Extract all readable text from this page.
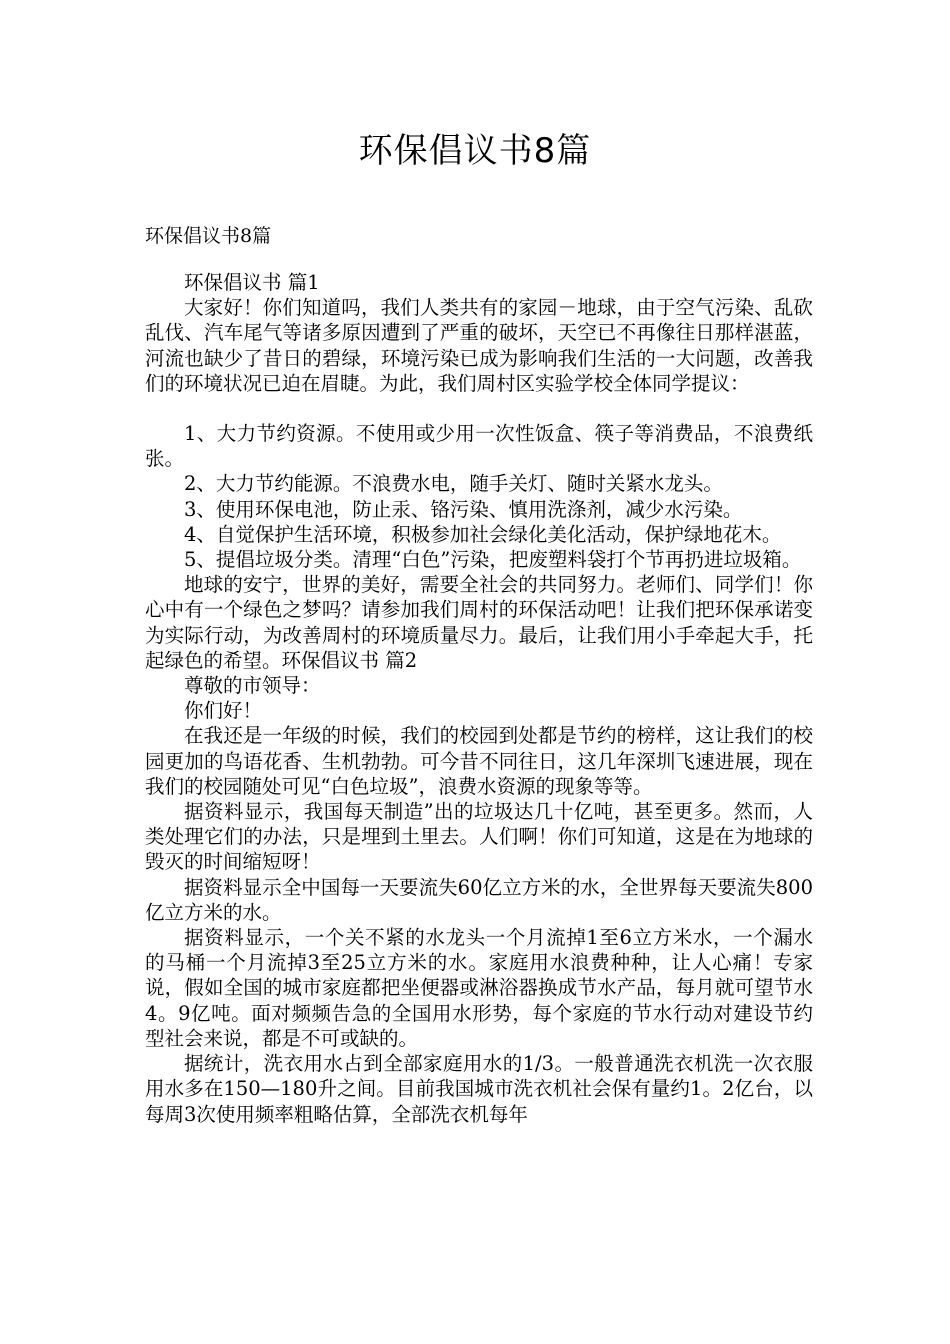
环保倡议书8篇

环保倡议书8篇

环保倡议书 篇1

大家好！你们知道吗，我们人类共有的家园－地球，由于空气污染、乱砍乱伐、汽车尾气等诸多原因遭到了严重的破坏，天空已不再像往日那样湛蓝，河流也缺少了昔日的碧绿，环境污染已成为影响我们生活的一大问题，改善我们的环境状况已迫在眉睫。为此，我们周村区实验学校全体同学提议：

1、大力节约资源。不使用或少用一次性饭盒、筷子等消费品，不浪费纸张。

2、大力节约能源。不浪费水电，随手关灯、随时关紧水龙头。

3、使用环保电池，防止汞、铬污染、慎用洗涤剂，减少水污染。

4、自觉保护生活环境，积极参加社会绿化美化活动，保护绿地花木。

5、提倡垃圾分类。清理“白色”污染，把废塑料袋打个节再扔进垃圾箱。

地球的安宁，世界的美好，需要全社会的共同努力。老师们、同学们！你心中有一个绿色之梦吗？请参加我们周村的环保活动吧！让我们把环保承诺变为实际行动，为改善周村的环境质量尽力。最后，让我们用小手牵起大手，托起绿色的希望。环保倡议书 篇2

尊敬的市领导：

你们好！

在我还是一年级的时候，我们的校园到处都是节约的榜样，这让我们的校园更加的鸟语花香、生机勃勃。可今昔不同往日，这几年深圳飞速进展，现在我们的校园随处可见“白色垃圾”，浪费水资源的现象等等。

据资料显示，我国每天制造”出的垃圾达几十亿吨，甚至更多。然而，人类处理它们的办法，只是埋到土里去。人们啊！你们可知道，这是在为地球的毁灭的时间缩短呀！

据资料显示全中国每一天要流失60亿立方米的水，全世界每天要流失800亿立方米的水。

据资料显示，一个关不紧的水龙头一个月流掉1至6立方米水，一个漏水的马桶一个月流掉3至25立方米的水。家庭用水浪费种种，让人心痛！专家说，假如全国的城市家庭都把坐便器或淋浴器换成节水产品，每月就可望节水4。9亿吨。面对频频告急的全国用水形势，每个家庭的节水行动对建设节约型社会来说，都是不可或缺的。

据统计，洗衣用水占到全部家庭用水的1/3。一般普通洗衣机洗一次衣服用水多在150—180升之间。目前我国城市洗衣机社会保有量约1。2亿台，以每周3次使用频率粗略估算，全部洗衣机每年
